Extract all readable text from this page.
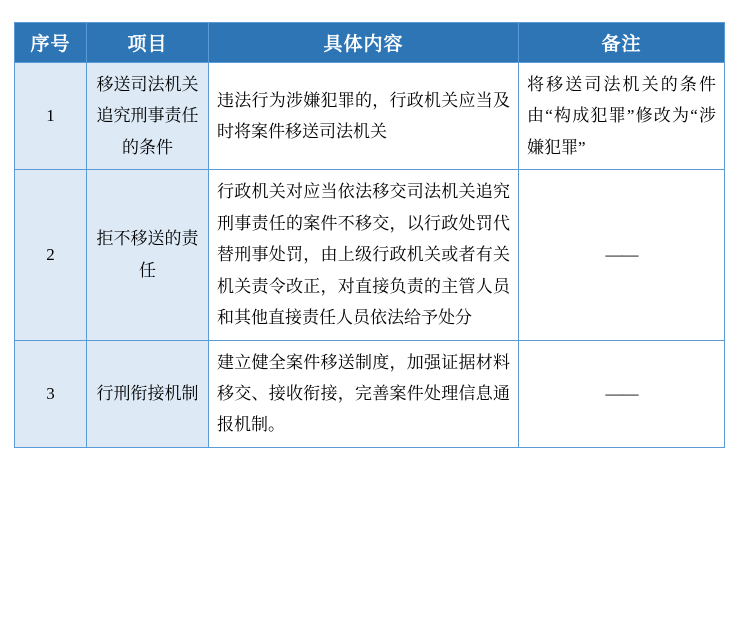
序号	项目	具体内容	备注
1	移送司法机关追究刑事责任的条件	违法行为涉嫌犯罪的，行政机关应当及时将案件移送司法机关	将移送司法机关的条件由“构成犯罪”修改为“涉嫌犯罪”
2	拒不移送的责任	行政机关对应当依法移交司法机关追究刑事责任的案件不移交，以行政处罚代替刑事处罚，由上级行政机关或者有关机关责令改正，对直接负责的主管人员和其他直接责任人员依法给予处分	——
3	行刑衔接机制	建立健全案件移送制度，加强证据材料移交、接收衔接，完善案件处理信息通报机制。	——
